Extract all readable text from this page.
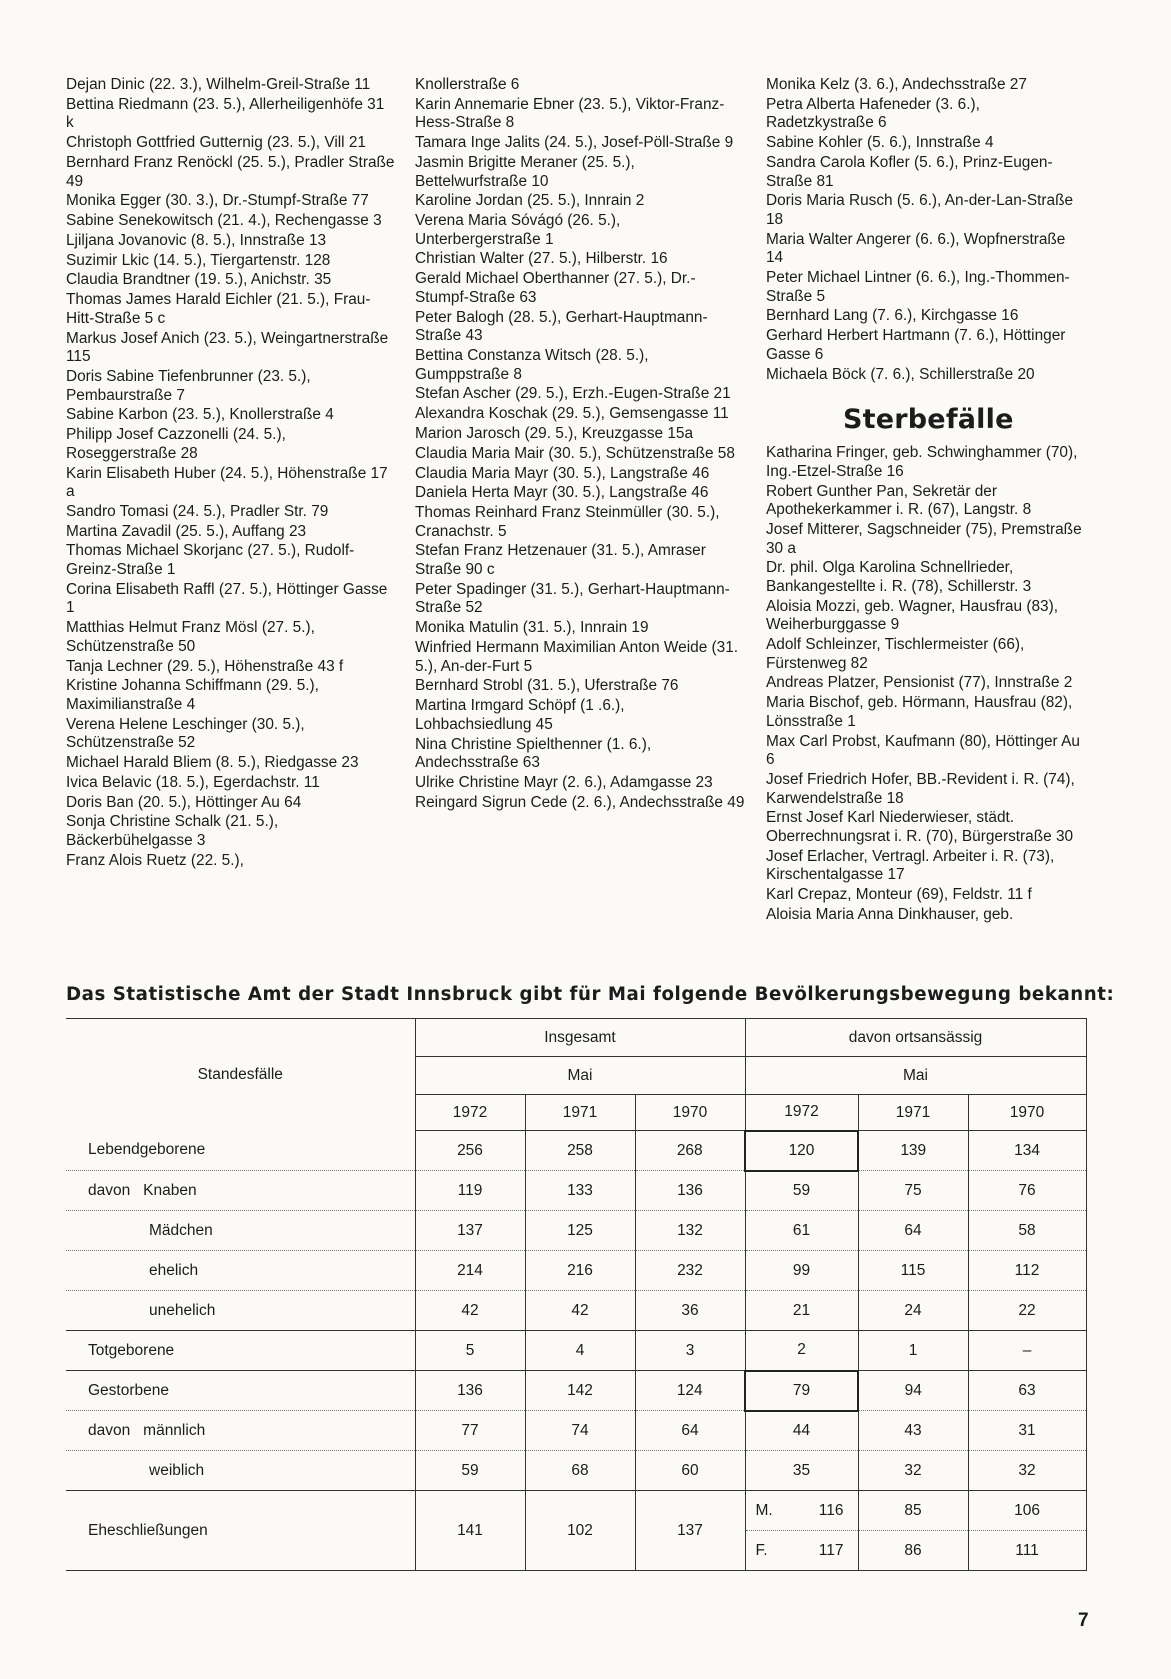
Dejan Dinic (22. 3.), Wilhelm-Greil-Straße 11
Bettina Riedmann (23. 5.), Allerheiligenhöfe 31 k
Christoph Gottfried Gutternig (23. 5.), Vill 21
Bernhard Franz Renöckl (25. 5.), Pradler Straße 49
Monika Egger (30. 3.), Dr.-Stumpf-Straße 77
Sabine Senekowitsch (21. 4.), Rechengasse 3
Ljiljana Jovanovic (8. 5.), Innstraße 13
Suzimir Lkic (14. 5.), Tiergartenstr. 128
Claudia Brandtner (19. 5.), Anichstr. 35
Thomas James Harald Eichler (21. 5.), Frau-Hitt-Straße 5 c
Markus Josef Anich (23. 5.), Weingartnerstraße 115
Doris Sabine Tiefenbrunner (23. 5.), Pembaurstraße 7
Sabine Karbon (23. 5.), Knollerstraße 4
Philipp Josef Cazzonelli (24. 5.), Roseggerstraße 28
Karin Elisabeth Huber (24. 5.), Höhenstraße 17 a
Sandro Tomasi (24. 5.), Pradler Str. 79
Martina Zavadil (25. 5.), Auffang 23
Thomas Michael Skorjanc (27. 5.), Rudolf-Greinz-Straße 1
Corina Elisabeth Raffl (27. 5.), Höttinger Gasse 1
Matthias Helmut Franz Mösl (27. 5.), Schützenstraße 50
Tanja Lechner (29. 5.), Höhenstraße 43 f
Kristine Johanna Schiffmann (29. 5.), Maximilianstraße 4
Verena Helene Leschinger (30. 5.), Schützenstraße 52
Michael Harald Bliem (8. 5.), Riedgasse 23
Ivica Belavic (18. 5.), Egerdachstr. 11
Doris Ban (20. 5.), Höttinger Au 64
Sonja Christine Schalk (21. 5.), Bäckerbühelgasse 3
Franz Alois Ruetz (22. 5.),
Knollerstraße 6
Karin Annemarie Ebner (23. 5.), Viktor-Franz-Hess-Straße 8
Tamara Inge Jalits (24. 5.), Josef-Pöll-Straße 9
Jasmin Brigitte Meraner (25. 5.), Bettelwurfstraße 10
Karoline Jordan (25. 5.), Innrain 2
Verena Maria Sóvágó (26. 5.), Unterbergerstraße 1
Christian Walter (27. 5.), Hilberstr. 16
Gerald Michael Oberthanner (27. 5.), Dr.-Stumpf-Straße 63
Peter Balogh (28. 5.), Gerhart-Hauptmann-Straße 43
Bettina Constanza Witsch (28. 5.), Gumppstraße 8
Stefan Ascher (29. 5.), Erzh.-Eugen-Straße 21
Alexandra Koschak (29. 5.), Gemsengasse 11
Marion Jarosch (29. 5.), Kreuzgasse 15a
Claudia Maria Mair (30. 5.), Schützenstraße 58
Claudia Maria Mayr (30. 5.), Langstraße 46
Daniela Herta Mayr (30. 5.), Langstraße 46
Thomas Reinhard Franz Steinmüller (30. 5.), Cranachstr. 5
Stefan Franz Hetzenauer (31. 5.), Amraser Straße 90 c
Peter Spadinger (31. 5.), Gerhart-Hauptmann-Straße 52
Monika Matulin (31. 5.), Innrain 19
Winfried Hermann Maximilian Anton Weide (31. 5.), An-der-Furt 5
Bernhard Strobl (31. 5.), Uferstraße 76
Martina Irmgard Schöpf (1 .6.), Lohbachsiedlung 45
Nina Christine Spielthenner (1. 6.), Andechsstraße 63
Ulrike Christine Mayr (2. 6.), Adamgasse 23
Reingard Sigrun Cede (2. 6.), Andechsstraße 49
Monika Kelz (3. 6.), Andechsstraße 27
Petra Alberta Hafeneder (3. 6.), Radetzkystraße 6
Sabine Kohler (5. 6.), Innstraße 4
Sandra Carola Kofler (5. 6.), Prinz-Eugen-Straße 81
Doris Maria Rusch (5. 6.), An-der-Lan-Straße 18
Maria Walter Angerer (6. 6.), Wopfnerstraße 14
Peter Michael Lintner (6. 6.), Ing.-Thommen-Straße 5
Bernhard Lang (7. 6.), Kirchgasse 16
Gerhard Herbert Hartmann (7. 6.), Höttinger Gasse 6
Michaela Böck (7. 6.), Schillerstraße 20
Sterbefälle
Katharina Fringer, geb. Schwinghammer (70), Ing.-Etzel-Straße 16
Robert Gunther Pan, Sekretär der Apothekerkammer i. R. (67), Langstr. 8
Josef Mitterer, Sagschneider (75), Premstraße 30 a
Dr. phil. Olga Karolina Schnellrieder, Bankangestellte i. R. (78), Schillerstr. 3
Aloisia Mozzi, geb. Wagner, Hausfrau (83), Weiherburggasse 9
Adolf Schleinzer, Tischlermeister (66), Fürstenweg 82
Andreas Platzer, Pensionist (77), Innstraße 2
Maria Bischof, geb. Hörmann, Hausfrau (82), Lönsstraße 1
Max Carl Probst, Kaufmann (80), Höttinger Au 6
Josef Friedrich Hofer, BB.-Revident i. R. (74), Karwendelstraße 18
Ernst Josef Karl Niederwieser, städt. Oberrechnungsrat i. R. (70), Bürgerstraße 30
Josef Erlacher, Vertragl. Arbeiter i. R. (73), Kirschentalgasse 17
Karl Crepaz, Monteur (69), Feldstr. 11 f
Aloisia Maria Anna Dinkhauser, geb.
Das Statistische Amt der Stadt Innsbruck gibt für Mai folgende Bevölkerungsbewegung bekannt:
Standesfälle	Insgesamt			davon ortsansässig		
	Mai			Mai		
	1972	1971	1970	1972	1971	1970
Lebendgeborene	256	258	268	120	139	134
davon Knaben	119	133	136	59	75	76
Mädchen	137	125	132	61	64	58
ehelich	214	216	232	99	115	112
unehelich	42	42	36	21	24	22
Totgeborene	5	4	3	2	1	–
Gestorbene	136	142	124	79	94	63
davon männlich	77	74	64	44	43	31
weiblich	59	68	60	35	32	32
Eheschließungen	141	102	137	M. 116	85	106

				F. 117	86	111
7
